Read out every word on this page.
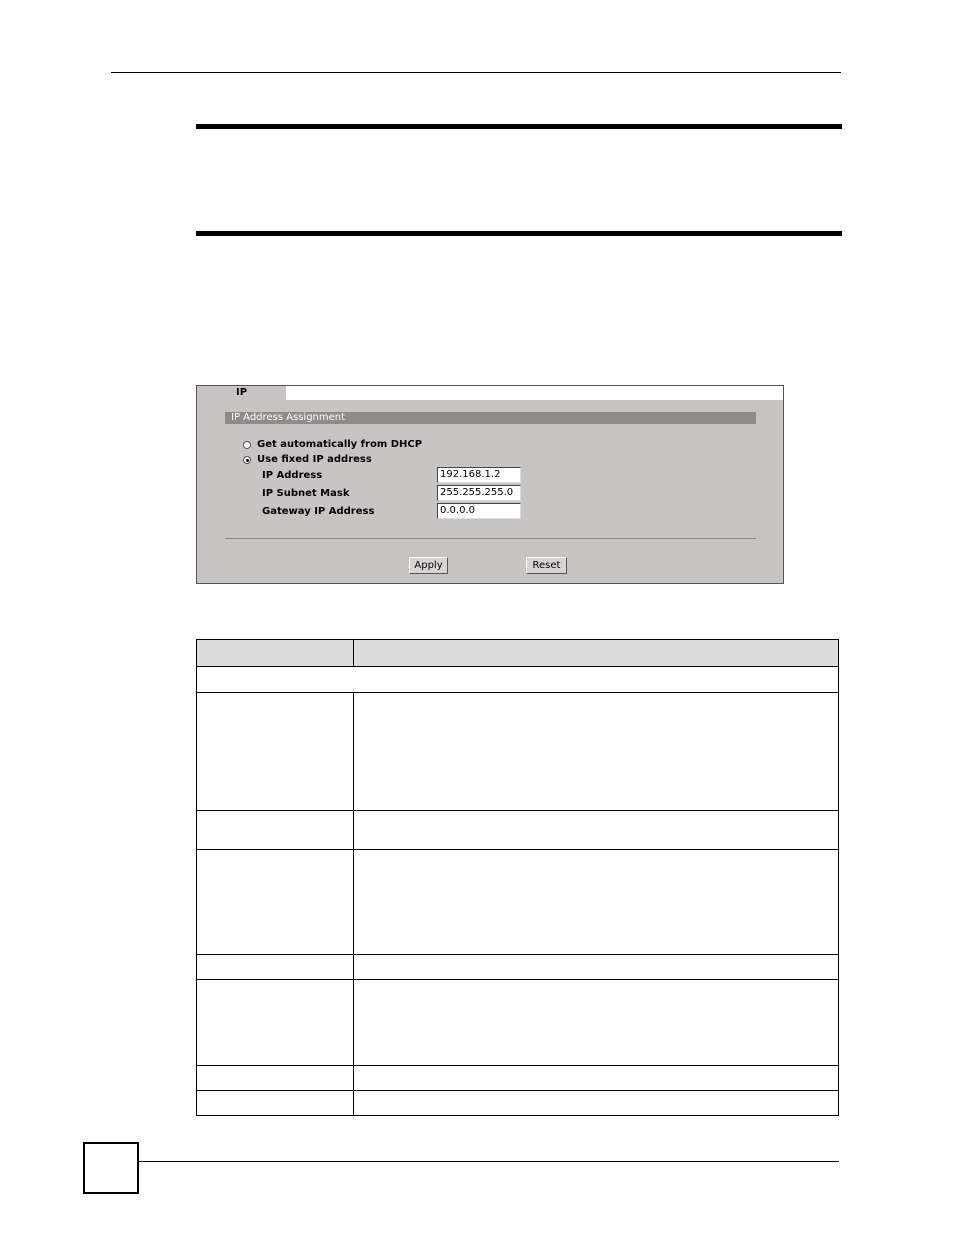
IP
IP Address Assignment
Get automatically from DHCP
Use fixed IP address
IP Address	192.168.1.2
IP Subnet Mask	255.255.255.0
Gateway IP Address	0.0.0.0
Apply	Reset
